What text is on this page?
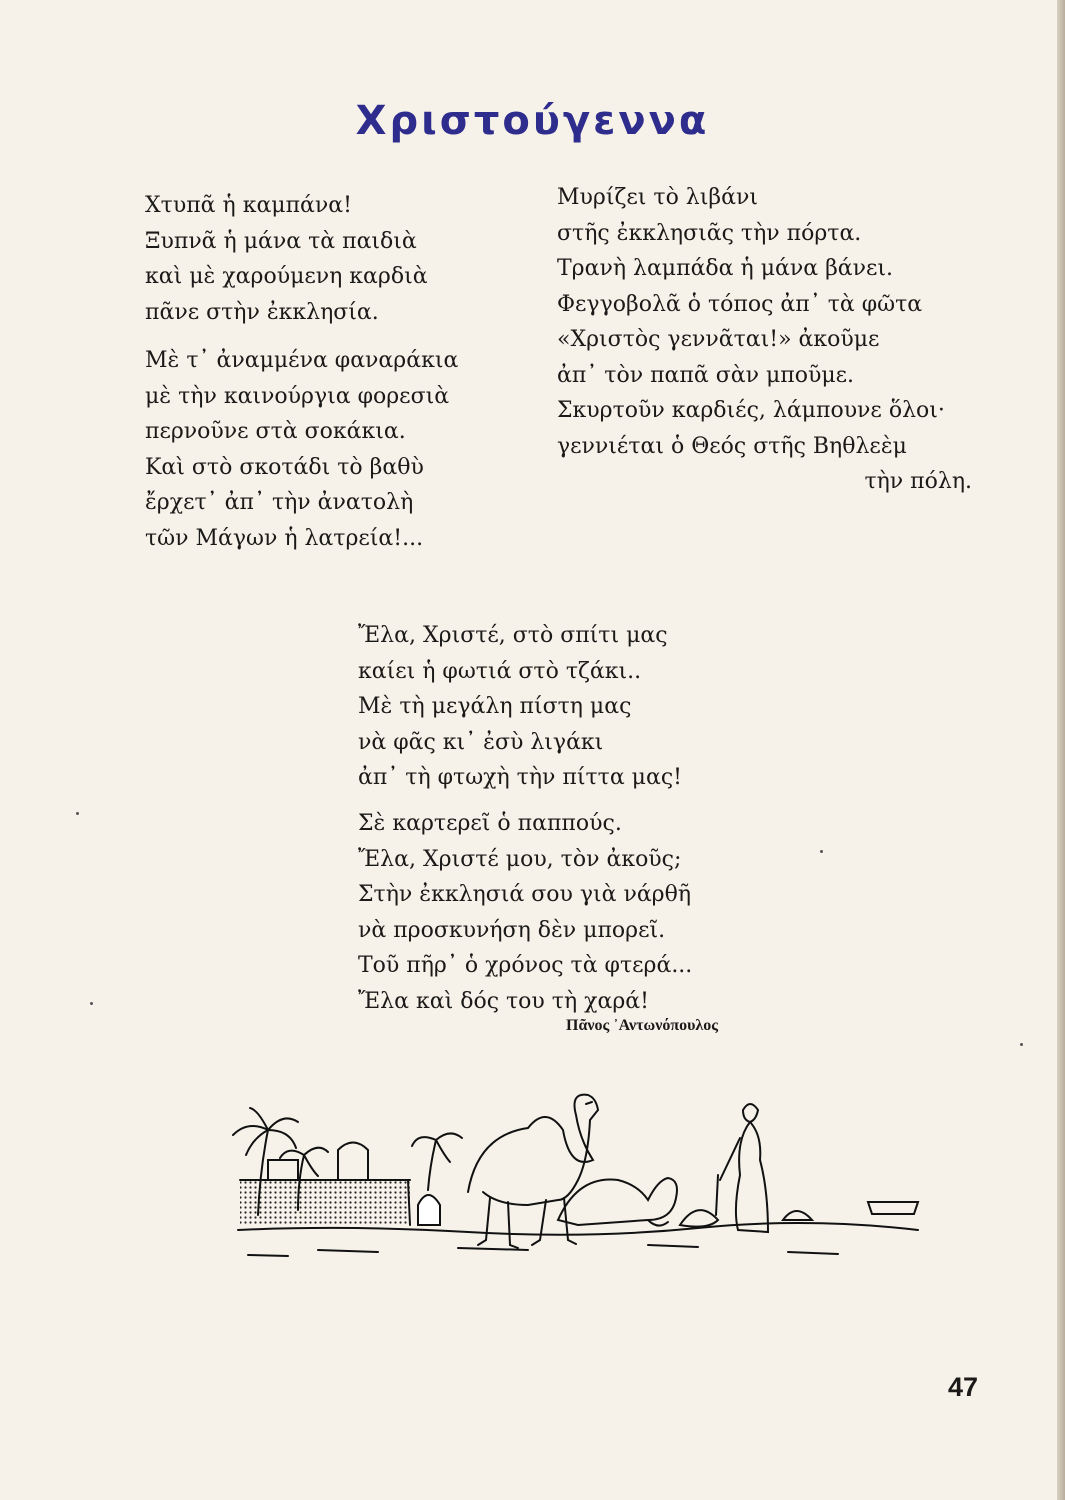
Χριστούγεννα
Χτυπᾶ ἡ καμπάνα!
Ξυπνᾶ ἡ μάνα τὰ παιδιὰ
καὶ μὲ χαρούμενη καρδιὰ
πᾶνε στὴν ἐκκλησία.
Μὲ τ᾽ ἀναμμένα φαναράκια
μὲ τὴν καινούργια φορεσιὰ
περνοῦνε στὰ σοκάκια.
Καὶ στὸ σκοτάδι τὸ βαθὺ
ἔρχετ᾽ ἀπ᾽ τὴν ἀνατολὴ
τῶν Μάγων ἡ λατρεία!...
Μυρίζει τὸ λιβάνι
στῆς ἐκκλησιᾶς τὴν πόρτα.
Τρανὴ λαμπάδα ἡ μάνα βάνει.
Φεγγοβολᾶ ὁ τόπος ἀπ᾽ τὰ φῶτα
«Χριστὸς γεννᾶται!» ἀκοῦμε
ἀπ᾽ τὸν παπᾶ σὰν μποῦμε.
Σκυρτοῦν καρδιές, λάμπουνε ὅλοι·
γεννιέται ὁ Θεός στῆς Βηθλεὲμ
τὴν πόλη.
Ἔλα, Χριστέ, στὸ σπίτι μας
καίει ἡ φωτιά στὸ τζάκι..
Μὲ τὴ μεγάλη πίστη μας
νὰ φᾶς κι᾽ ἐσὺ λιγάκι
ἀπ᾽ τὴ φτωχὴ τὴν πίττα μας!
Σὲ καρτερεῖ ὁ παππούς.
Ἔλα, Χριστέ μου, τὸν ἀκοῦς;
Στὴν ἐκκλησιά σου γιὰ νάρθῆ
νὰ προσκυνήση δὲν μπορεῖ.
Τοῦ πῆρ᾽ ὁ χρόνος τὰ φτερά...
Ἔλα καὶ δός του τὴ χαρά!
Πᾶνος ᾿Αντωνόπουλος
47
